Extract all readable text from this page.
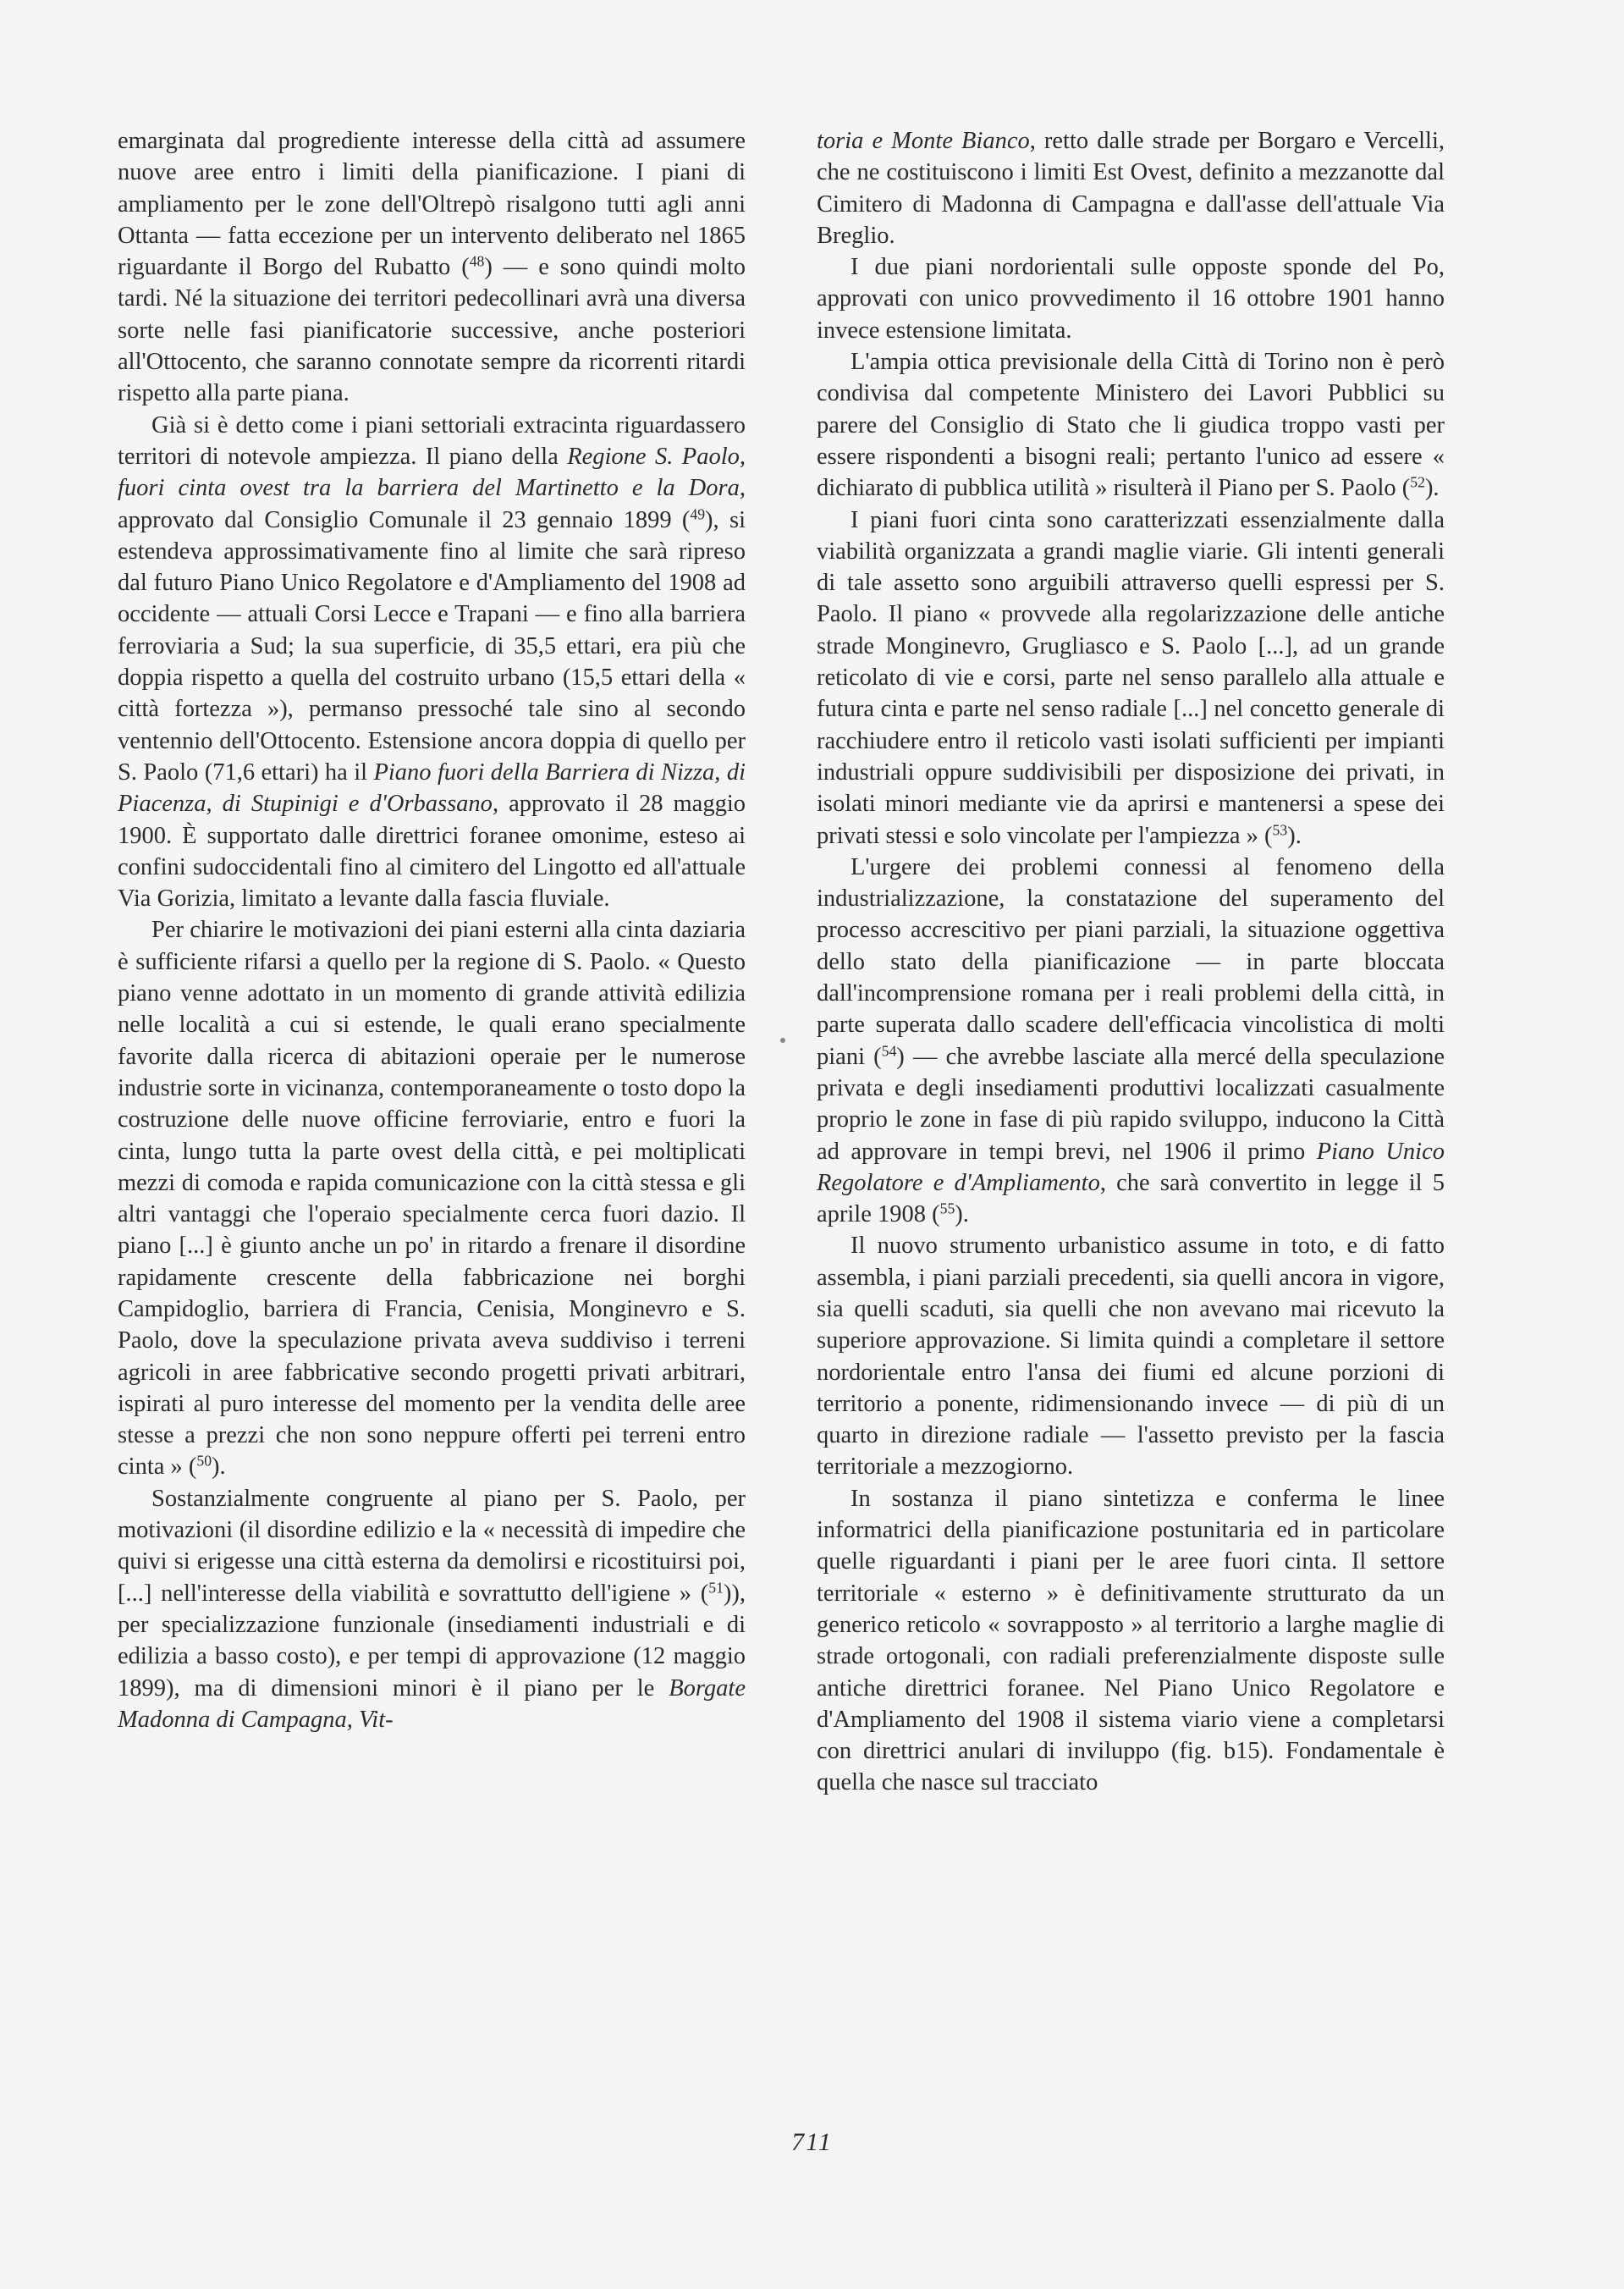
emarginata dal progrediente interesse della città ad assumere nuove aree entro i limiti della pianificazione. I piani di ampliamento per le zone dell'Oltrepò risalgono tutti agli anni Ottanta — fatta eccezione per un intervento deliberato nel 1865 riguardante il Borgo del Rubatto ($^{48}$) — e sono quindi molto tardi. Né la situazione dei territori pedecollinari avrà una diversa sorte nelle fasi pianificatorie successive, anche posteriori all'Ottocento, che saranno connotate sempre da ricorrenti ritardi rispetto alla parte piana.

Già si è detto come i piani settoriali extracinta riguardassero territori di notevole ampiezza. Il piano della Regione S. Paolo, fuori cinta ovest tra la barriera del Martinetto e la Dora, approvato dal Consiglio Comunale il 23 gennaio 1899 ($^{49}$), si estendeva approssimativamente fino al limite che sarà ripreso dal futuro Piano Unico Regolatore e d'Ampliamento del 1908 ad occidente — attuali Corsi Lecce e Trapani — e fino alla barriera ferroviaria a Sud; la sua superficie, di 35,5 ettari, era più che doppia rispetto a quella del costruito urbano (15,5 ettari della « città fortezza »), permanso pressoché tale sino al secondo ventennio dell'Ottocento. Estensione ancora doppia di quello per S. Paolo (71,6 ettari) ha il Piano fuori della Barriera di Nizza, di Piacenza, di Stupinigi e d'Orbassano, approvato il 28 maggio 1900. È supportato dalle direttrici foranee omonime, esteso ai confini sudoccidentali fino al cimitero del Lingotto ed all'attuale Via Gorizia, limitato a levante dalla fascia fluviale.

Per chiarire le motivazioni dei piani esterni alla cinta daziaria è sufficiente rifarsi a quello per la regione di S. Paolo. « Questo piano venne adottato in un momento di grande attività edilizia nelle località a cui si estende, le quali erano specialmente favorite dalla ricerca di abitazioni operaie per le numerose industrie sorte in vicinanza, contemporaneamente o tosto dopo la costruzione delle nuove officine ferroviarie, entro e fuori la cinta, lungo tutta la parte ovest della città, e pei moltiplicati mezzi di comoda e rapida comunicazione con la città stessa e gli altri vantaggi che l'operaio specialmente cerca fuori dazio. Il piano [...] è giunto anche un po' in ritardo a frenare il disordine rapidamente crescente della fabbricazione nei borghi Campidoglio, barriera di Francia, Cenisia, Monginevro e S. Paolo, dove la speculazione privata aveva suddiviso i terreni agricoli in aree fabbricative secondo progetti privati arbitrari, ispirati al puro interesse del momento per la vendita delle aree stesse a prezzi che non sono neppure offerti pei terreni entro cinta » ($^{50}$).

Sostanzialmente congruente al piano per S. Paolo, per motivazioni (il disordine edilizio e la « necessità di impedire che quivi si erigesse una città esterna da demolirsi e ricostituirsi poi, [...] nell'interesse della viabilità e sovrattutto dell'igiene » ($^{51}$)), per specializzazione funzionale (insediamenti industriali e di edilizia a basso costo), e per tempi di approvazione (12 maggio 1899), ma di dimensioni minori è il piano per le Borgate Madonna di Campagna, Vit-

toria e Monte Bianco, retto dalle strade per Borgaro e Vercelli, che ne costituiscono i limiti Est Ovest, definito a mezzanotte dal Cimitero di Madonna di Campagna e dall'asse dell'attuale Via Breglio.

I due piani nordorientali sulle opposte sponde del Po, approvati con unico provvedimento il 16 ottobre 1901 hanno invece estensione limitata.

L'ampia ottica previsionale della Città di Torino non è però condivisa dal competente Ministero dei Lavori Pubblici su parere del Consiglio di Stato che li giudica troppo vasti per essere rispondenti a bisogni reali; pertanto l'unico ad essere « dichiarato di pubblica utilità » risulterà il Piano per S. Paolo ($^{52}$).

I piani fuori cinta sono caratterizzati essenzialmente dalla viabilità organizzata a grandi maglie viarie. Gli intenti generali di tale assetto sono arguibili attraverso quelli espressi per S. Paolo. Il piano « provvede alla regolarizzazione delle antiche strade Monginevro, Grugliasco e S. Paolo [...], ad un grande reticolato di vie e corsi, parte nel senso parallelo alla attuale e futura cinta e parte nel senso radiale [...] nel concetto generale di racchiudere entro il reticolo vasti isolati sufficienti per impianti industriali oppure suddivisibili per disposizione dei privati, in isolati minori mediante vie da aprirsi e mantenersi a spese dei privati stessi e solo vincolate per l'ampiezza » ($^{53}$).

L'urgere dei problemi connessi al fenomeno della industrializzazione, la constatazione del superamento del processo accrescitivo per piani parziali, la situazione oggettiva dello stato della pianificazione — in parte bloccata dall'incomprensione romana per i reali problemi della città, in parte superata dallo scadere dell'efficacia vincolistica di molti piani ($^{54}$) — che avrebbe lasciate alla mercé della speculazione privata e degli insediamenti produttivi localizzati casualmente proprio le zone in fase di più rapido sviluppo, inducono la Città ad approvare in tempi brevi, nel 1906 il primo Piano Unico Regolatore e d'Ampliamento, che sarà convertito in legge il 5 aprile 1908 ($^{55}$).

Il nuovo strumento urbanistico assume in toto, e di fatto assembla, i piani parziali precedenti, sia quelli ancora in vigore, sia quelli scaduti, sia quelli che non avevano mai ricevuto la superiore approvazione. Si limita quindi a completare il settore nordorientale entro l'ansa dei fiumi ed alcune porzioni di territorio a ponente, ridimensionando invece — di più di un quarto in direzione radiale — l'assetto previsto per la fascia territoriale a mezzogiorno.

In sostanza il piano sintetizza e conferma le linee informatrici della pianificazione postunitaria ed in particolare quelle riguardanti i piani per le aree fuori cinta. Il settore territoriale « esterno » è definitivamente strutturato da un generico reticolo « sovrapposto » al territorio a larghe maglie di strade ortogonali, con radiali preferenzialmente disposte sulle antiche direttrici foranee. Nel Piano Unico Regolatore e d'Ampliamento del 1908 il sistema viario viene a completarsi con direttrici anulari di inviluppo (fig. b15). Fondamentale è quella che nasce sul tracciato

711
